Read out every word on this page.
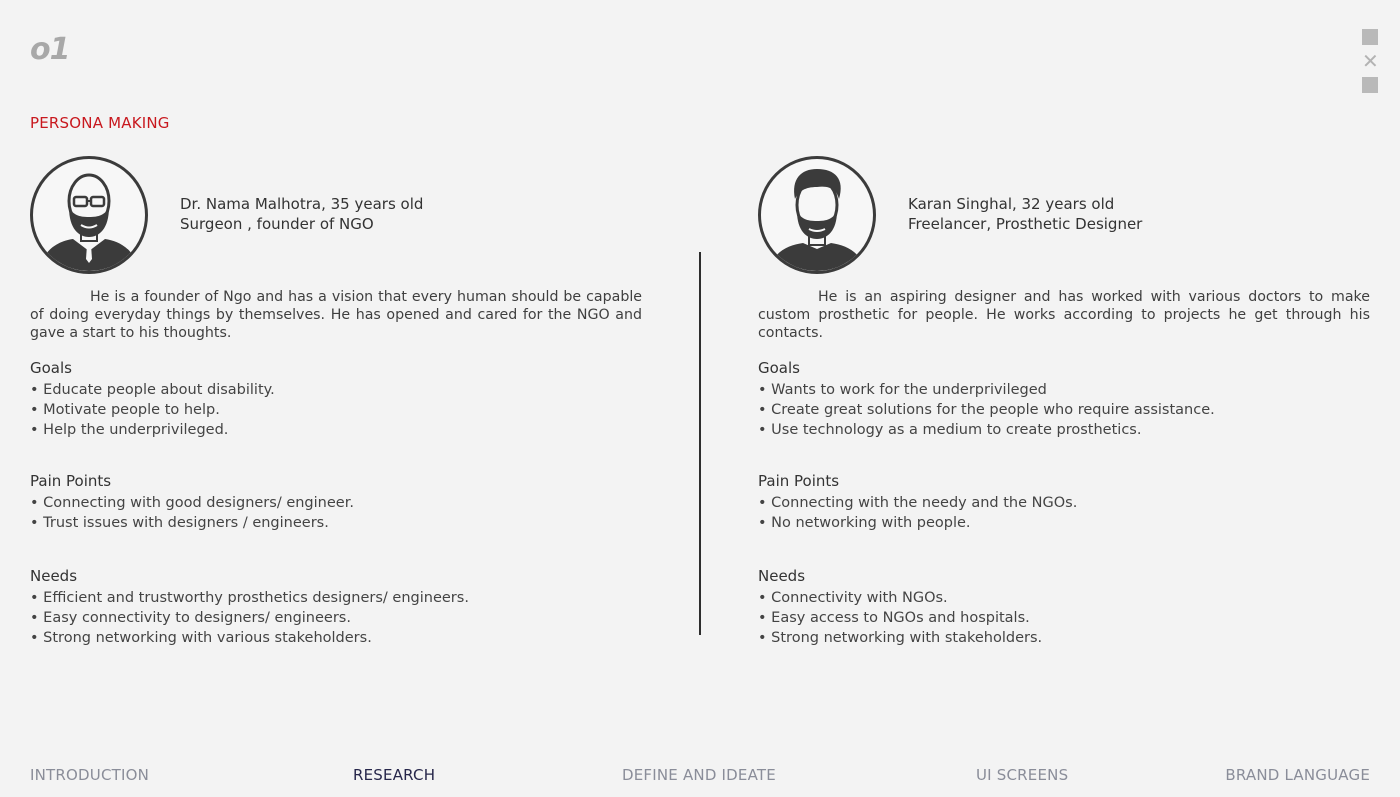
o1	✕
PERSONA MAKING
Dr. Nama Malhotra, 35 years old
Surgeon , founder of NGO
He is a founder of Ngo and has a vision that every human should be capable of doing everyday things by themselves. He has opened and cared for the NGO and gave a start to his thoughts.
Goals
• Educate people about disability.
• Motivate people to help.
• Help the underprivileged.
Pain Points
• Connecting with good designers/ engineer.
• Trust issues with designers / engineers.
Needs
• Efficient and trustworthy prosthetics designers/ engineers.
• Easy connectivity to designers/ engineers.
• Strong networking with various stakeholders.
Karan Singhal, 32 years old
Freelancer, Prosthetic Designer
He is an aspiring designer and has worked with various doctors to make custom prosthetic for people. He works according to projects he get through his contacts.
Goals
• Wants to work for the underprivileged
• Create great solutions for the people who require assistance.
• Use technology as a medium to create prosthetics.
Pain Points
• Connecting with the needy and the NGOs.
• No networking with people.
Needs
• Connectivity with NGOs.
• Easy access to NGOs and hospitals.
• Strong networking with stakeholders.
INTRODUCTION	RESEARCH	DEFINE AND IDEATE	UI SCREENS	BRAND LANGUAGE
